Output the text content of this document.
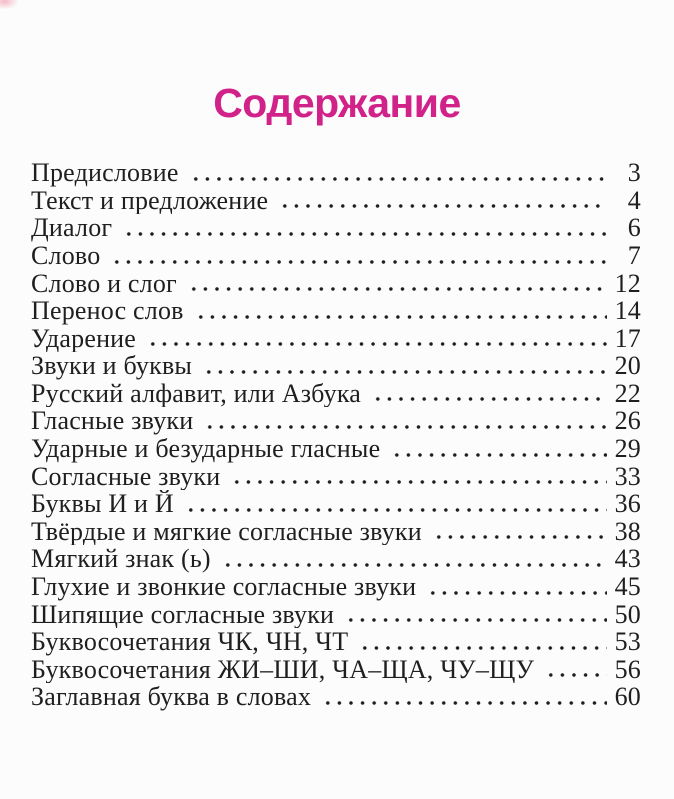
Содержание
Предисловие	3
Текст и предложение	4
Диалог	6
Слово	7
Слово и слог	12
Перенос слов	14
Ударение	17
Звуки и буквы	20
Русский алфавит, или Азбука	22
Гласные звуки	26
Ударные и безударные гласные	29
Согласные звуки	33
Буквы И и Й	36
Твёрдые и мягкие согласные звуки	38
Мягкий знак (ь)	43
Глухие и звонкие согласные звуки	45
Шипящие согласные звуки	50
Буквосочетания ЧК, ЧН, ЧТ	53
Буквосочетания ЖИ–ШИ, ЧА–ЩА, ЧУ–ЩУ	56
Заглавная буква в словах	60
